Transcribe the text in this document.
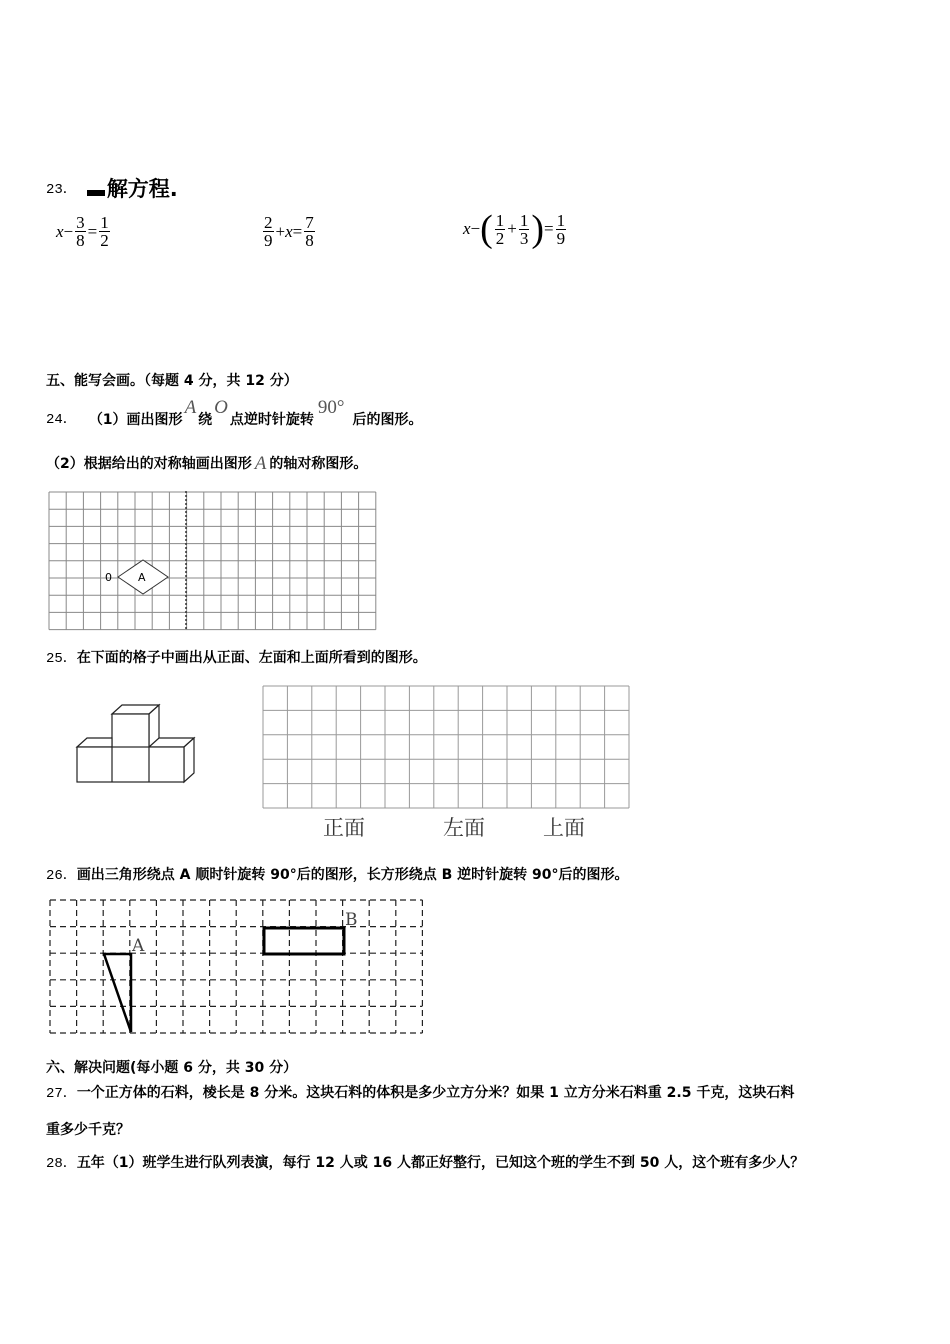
23． 解方程.
$x - \frac{3}{8} = \frac{1}{2}$	$\frac{2}{9} + x = \frac{7}{8}$	x − ( $\frac{1}{2} + \frac{1}{3}$ ) = $\frac{1}{9}$
五、能写会画。（每题 4 分，共 12 分）
24． （1）画出图形
A
绕
O
点逆时针旋转
90°
后的图形。
（2）根据给出的对称轴画出图形 A 的轴对称图形。
0 A
25．在下面的格子中画出从正面、左面和上面所看到的图形。
正面	左面	上面
26．画出三角形绕点 A 顺时针旋转 90°后的图形，长方形绕点 B 逆时针旋转 90°后的图形。
A
B
六、解决问题(每小题 6 分，共 30 分）
27．一个正方体的石料，棱长是 8 分米。这块石料的体积是多少立方分米？如果 1 立方分米石料重 2.5 千克，这块石料
重多少千克？
28．五年（1）班学生进行队列表演，每行 12 人或 16 人都正好整行，已知这个班的学生不到 50 人，这个班有多少人？
